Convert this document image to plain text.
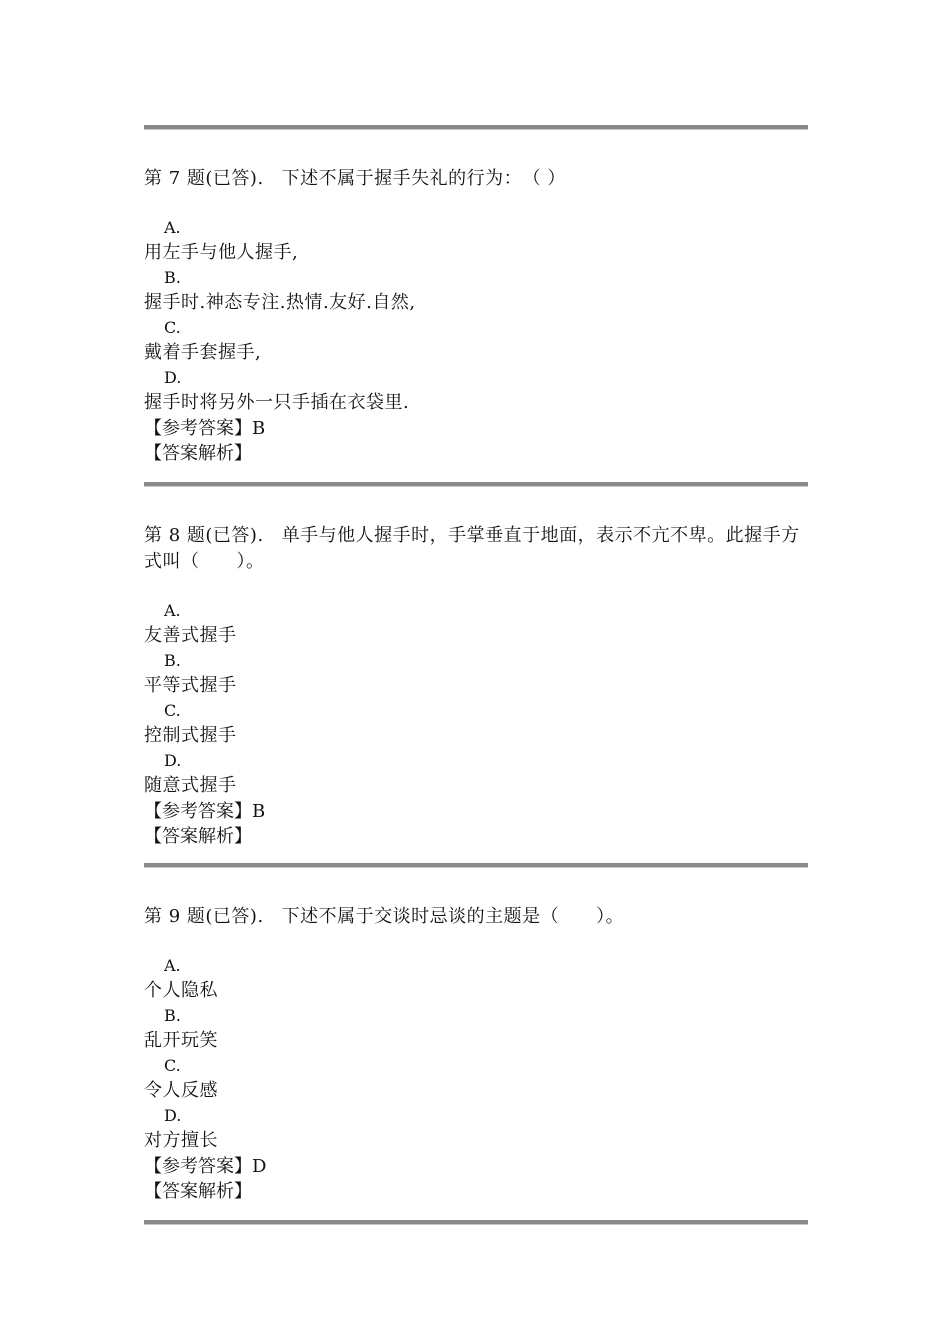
第 7 题(已答). 下述不属于握手失礼的行为：　（ ）

A.

用左手与他人握手,

B.

握手时.神态专注.热情.友好.自然,

C.

戴着手套握手,

D.

握手时将另外一只手插在衣袋里.

【参考答案】B

【答案解析】

第 8 题(已答). 单手与他人握手时，手掌垂直于地面，表示不亢不卑。此握手方式叫（　　）。

A.

友善式握手

B.

平等式握手

C.

控制式握手

D.

随意式握手

【参考答案】B

【答案解析】

第 9 题(已答). 下述不属于交谈时忌谈的主题是（　　）。

A.

个人隐私

B.

乱开玩笑

C.

令人反感

D.

对方擅长

【参考答案】D

【答案解析】
